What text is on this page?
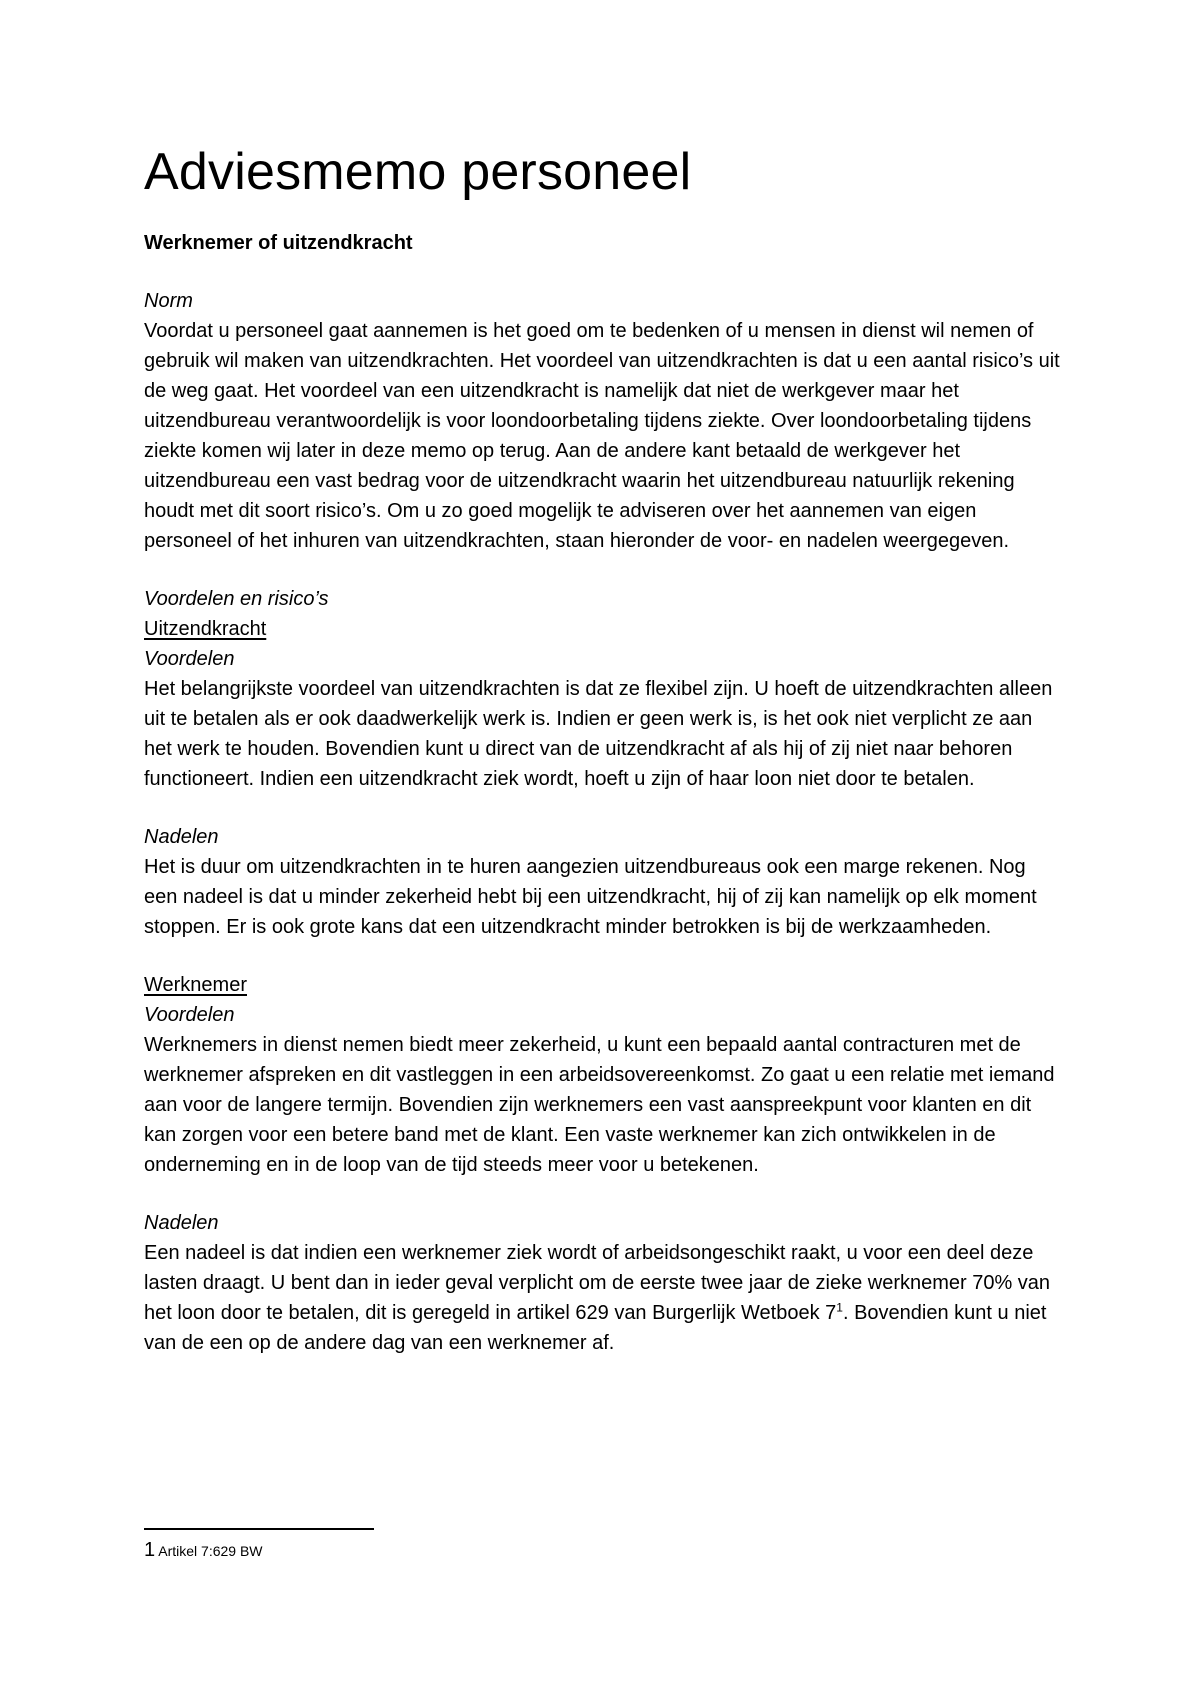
Adviesmemo personeel

Werknemer of uitzendkracht

Norm

Voordat u personeel gaat aannemen is het goed om te bedenken of u mensen in dienst wil nemen of gebruik wil maken van uitzendkrachten. Het voordeel van uitzendkrachten is dat u een aantal risico’s uit de weg gaat. Het voordeel van een uitzendkracht is namelijk dat niet de werkgever maar het uitzendbureau verantwoordelijk is voor loondoorbetaling tijdens ziekte. Over loondoorbetaling tijdens ziekte komen wij later in deze memo op terug. Aan de andere kant betaald de werkgever het uitzendbureau een vast bedrag voor de uitzendkracht waarin het uitzendbureau natuurlijk rekening houdt met dit soort risico’s. Om u zo goed mogelijk te adviseren over het aannemen van eigen personeel of het inhuren van uitzendkrachten, staan hieronder de voor- en nadelen weergegeven.

Voordelen en risico’s

Uitzendkracht

Voordelen

Het belangrijkste voordeel van uitzendkrachten is dat ze flexibel zijn. U hoeft de uitzendkrachten alleen uit te betalen als er ook daadwerkelijk werk is. Indien er geen werk is, is het ook niet verplicht ze aan het werk te houden. Bovendien kunt u direct van de uitzendkracht af als hij of zij niet naar behoren functioneert. Indien een uitzendkracht ziek wordt, hoeft u zijn of haar loon niet door te betalen.

Nadelen

Het is duur om uitzendkrachten in te huren aangezien uitzendbureaus ook een marge rekenen. Nog een nadeel is dat u minder zekerheid hebt bij een uitzendkracht, hij of zij kan namelijk op elk moment stoppen. Er is ook grote kans dat een uitzendkracht minder betrokken is bij de werkzaamheden.

Werknemer

Voordelen

Werknemers in dienst nemen biedt meer zekerheid, u kunt een bepaald aantal contracturen met de werknemer afspreken en dit vastleggen in een arbeidsovereenkomst. Zo gaat u een relatie met iemand aan voor de langere termijn. Bovendien zijn werknemers een vast aanspreekpunt voor klanten en dit kan zorgen voor een betere band met de klant. Een vaste werknemer kan zich ontwikkelen in de onderneming en in de loop van de tijd steeds meer voor u betekenen.

Nadelen

Een nadeel is dat indien een werknemer ziek wordt of arbeidsongeschikt raakt, u voor een deel deze lasten draagt. U bent dan in ieder geval verplicht om de eerste twee jaar de zieke werknemer 70% van het loon door te betalen, dit is geregeld in artikel 629 van Burgerlijk Wetboek 7$^1$. Bovendien kunt u niet van de een op de andere dag van een werknemer af.

1 Artikel 7:629 BW
